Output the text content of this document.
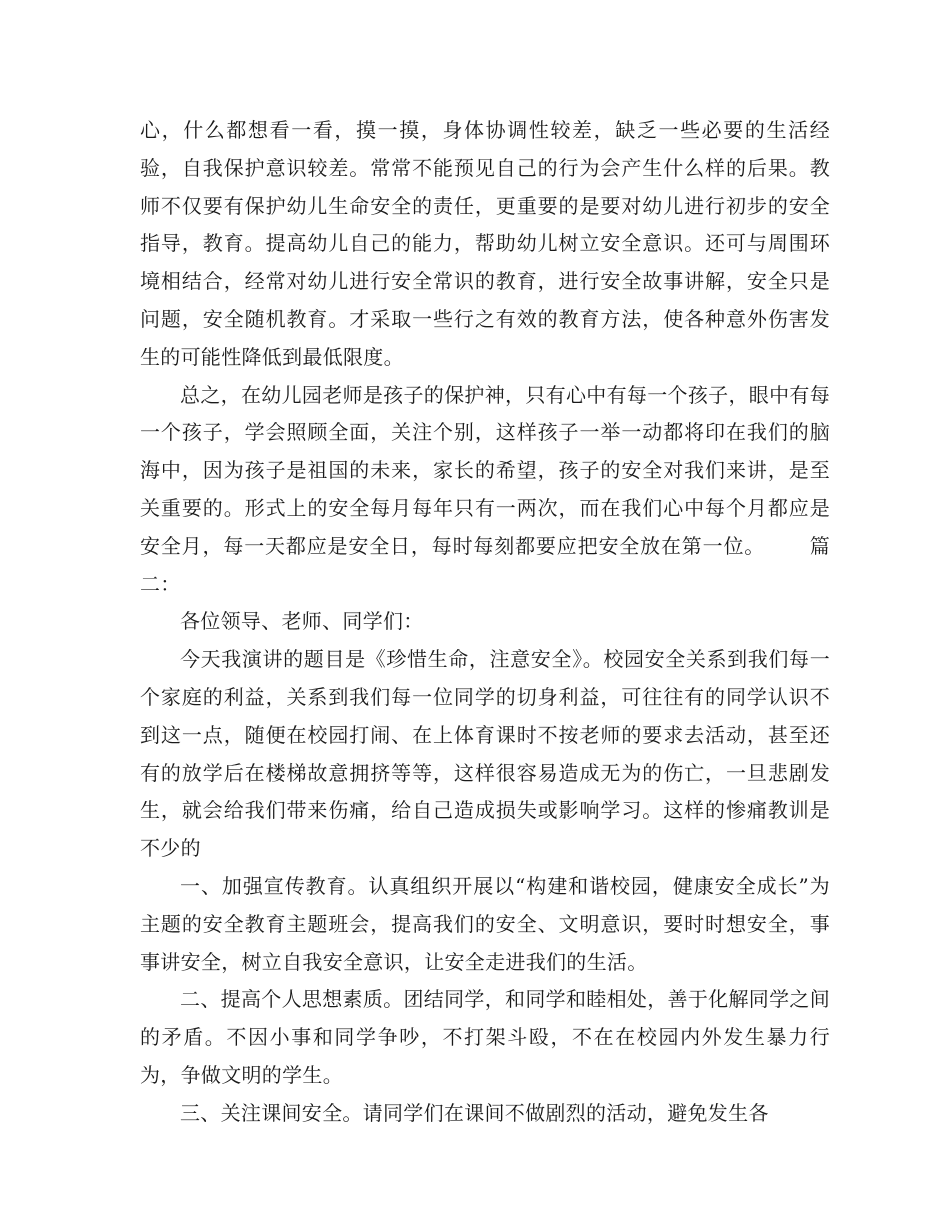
心，什么都想看一看，摸一摸，身体协调性较差，缺乏一些必要的生活经验，自我保护意识较差。常常不能预见自己的行为会产生什么样的后果。教师不仅要有保护幼儿生命安全的责任，更重要的是要对幼儿进行初步的安全指导，教育。提高幼儿自己的能力，帮助幼儿树立安全意识。还可与周围环境相结合，经常对幼儿进行安全常识的教育，进行安全故事讲解，安全只是问题，安全随机教育。才采取一些行之有效的教育方法，使各种意外伤害发生的可能性降低到最低限度。

总之，在幼儿园老师是孩子的保护神，只有心中有每一个孩子，眼中有每一个孩子，学会照顾全面，关注个别，这样孩子一举一动都将印在我们的脑海中，因为孩子是祖国的未来，家长的希望，孩子的安全对我们来讲，是至关重要的。形式上的安全每月每年只有一两次，而在我们心中每个月都应是安全月，每一天都应是安全日，每时每刻都要应把安全放在第一位。 篇二：

各位领导、老师、同学们：

今天我演讲的题目是《珍惜生命，注意安全》。校园安全关系到我们每一个家庭的利益，关系到我们每一位同学的切身利益，可往往有的同学认识不到这一点，随便在校园打闹、在上体育课时不按老师的要求去活动，甚至还有的放学后在楼梯故意拥挤等等，这样很容易造成无为的伤亡，一旦悲剧发生，就会给我们带来伤痛，给自己造成损失或影响学习。这样的惨痛教训是不少的

一、加强宣传教育。认真组织开展以“构建和谐校园，健康安全成长”为主题的安全教育主题班会，提高我们的安全、文明意识，要时时想安全，事事讲安全，树立自我安全意识，让安全走进我们的生活。

二、提高个人思想素质。团结同学，和同学和睦相处，善于化解同学之间的矛盾。不因小事和同学争吵，不打架斗殴，不在在校园内外发生暴力行为，争做文明的学生。

三、关注课间安全。请同学们在课间不做剧烈的活动，避免发生各
